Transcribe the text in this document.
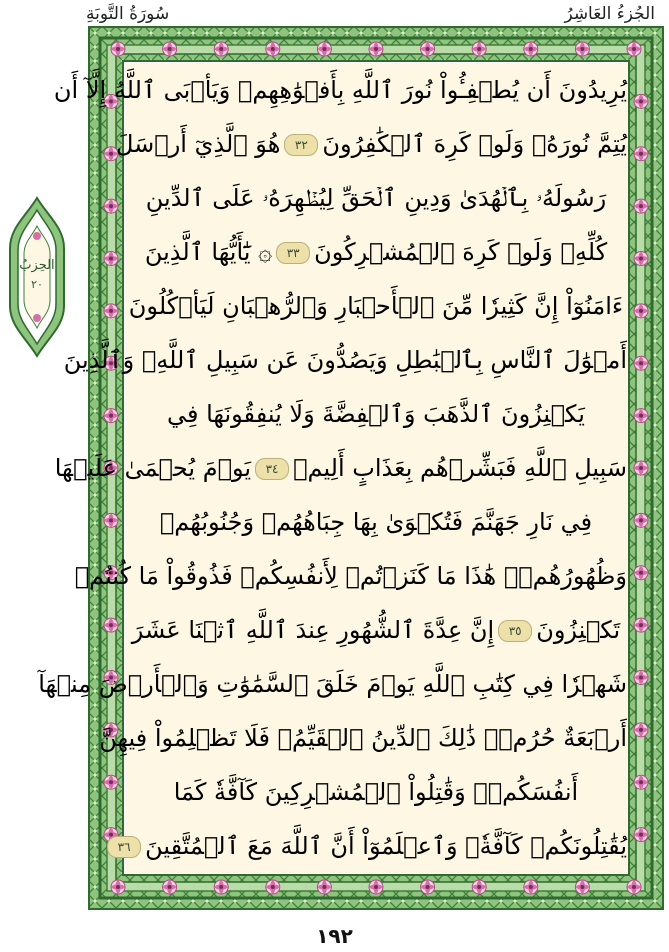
الجُزءُ العَاشِرُ
سُورَةُ التَّوبَةِ
يُرِيدُونَ أَن يُطۡفِـُٔواْ نُورَ ٱللَّهِ بِأَفۡوَٰهِهِمۡ وَيَأۡبَى ٱللَّهُ إِلَّآ أَن
يُتِمَّ نُورَهُۥ وَلَوۡ كَرِهَ ٱلۡكَٰفِرُونَ٣٢هُوَ ٱلَّذِيٓ أَرۡسَلَ
رَسُولَهُۥ بِٱلۡهُدَىٰ وَدِينِ ٱلۡحَقِّ لِيُظۡهِرَهُۥ عَلَى ٱلدِّينِ
كُلِّهِۦ وَلَوۡ كَرِهَ ٱلۡمُشۡرِكُونَ٣٣۞ يَٰٓأَيُّهَا ٱلَّذِينَ
ءَامَنُوٓاْ إِنَّ كَثِيرٗا مِّنَ ٱلۡأَحۡبَارِ وَٱلرُّهۡبَانِ لَيَأۡكُلُونَ
أَمۡوَٰلَ ٱلنَّاسِ بِٱلۡبَٰطِلِ وَيَصُدُّونَ عَن سَبِيلِ ٱللَّهِۗ وَٱلَّذِينَ
يَكۡنِزُونَ ٱلذَّهَبَ وَٱلۡفِضَّةَ وَلَا يُنفِقُونَهَا فِي
سَبِيلِ ٱللَّهِ فَبَشِّرۡهُم بِعَذَابٍ أَلِيمٖ٣٤يَوۡمَ يُحۡمَىٰ عَلَيۡهَا
فِي نَارِ جَهَنَّمَ فَتُكۡوَىٰ بِهَا جِبَاهُهُمۡ وَجُنُوبُهُمۡ
وَظُهُورُهُمۡۖ هَٰذَا مَا كَنَزۡتُمۡ لِأَنفُسِكُمۡ فَذُوقُواْ مَا كُنتُمۡ
تَكۡنِزُونَ٣٥إِنَّ عِدَّةَ ٱلشُّهُورِ عِندَ ٱللَّهِ ٱثۡنَا عَشَرَ
شَهۡرٗا فِي كِتَٰبِ ٱللَّهِ يَوۡمَ خَلَقَ ٱلسَّمَٰوَٰتِ وَٱلۡأَرۡضَ مِنۡهَآ
أَرۡبَعَةٌ حُرُمٞۚ ذَٰلِكَ ٱلدِّينُ ٱلۡقَيِّمُۚ فَلَا تَظۡلِمُواْ فِيهِنَّ
أَنفُسَكُمۡۚ وَقَٰتِلُواْ ٱلۡمُشۡرِكِينَ كَآفَّةٗ كَمَا
يُقَٰتِلُونَكُمۡ كَآفَّةٗۚ وَٱعۡلَمُوٓاْ أَنَّ ٱللَّهَ مَعَ ٱلۡمُتَّقِينَ٣٦
الحِزبُ
٢٠
١٩٢
